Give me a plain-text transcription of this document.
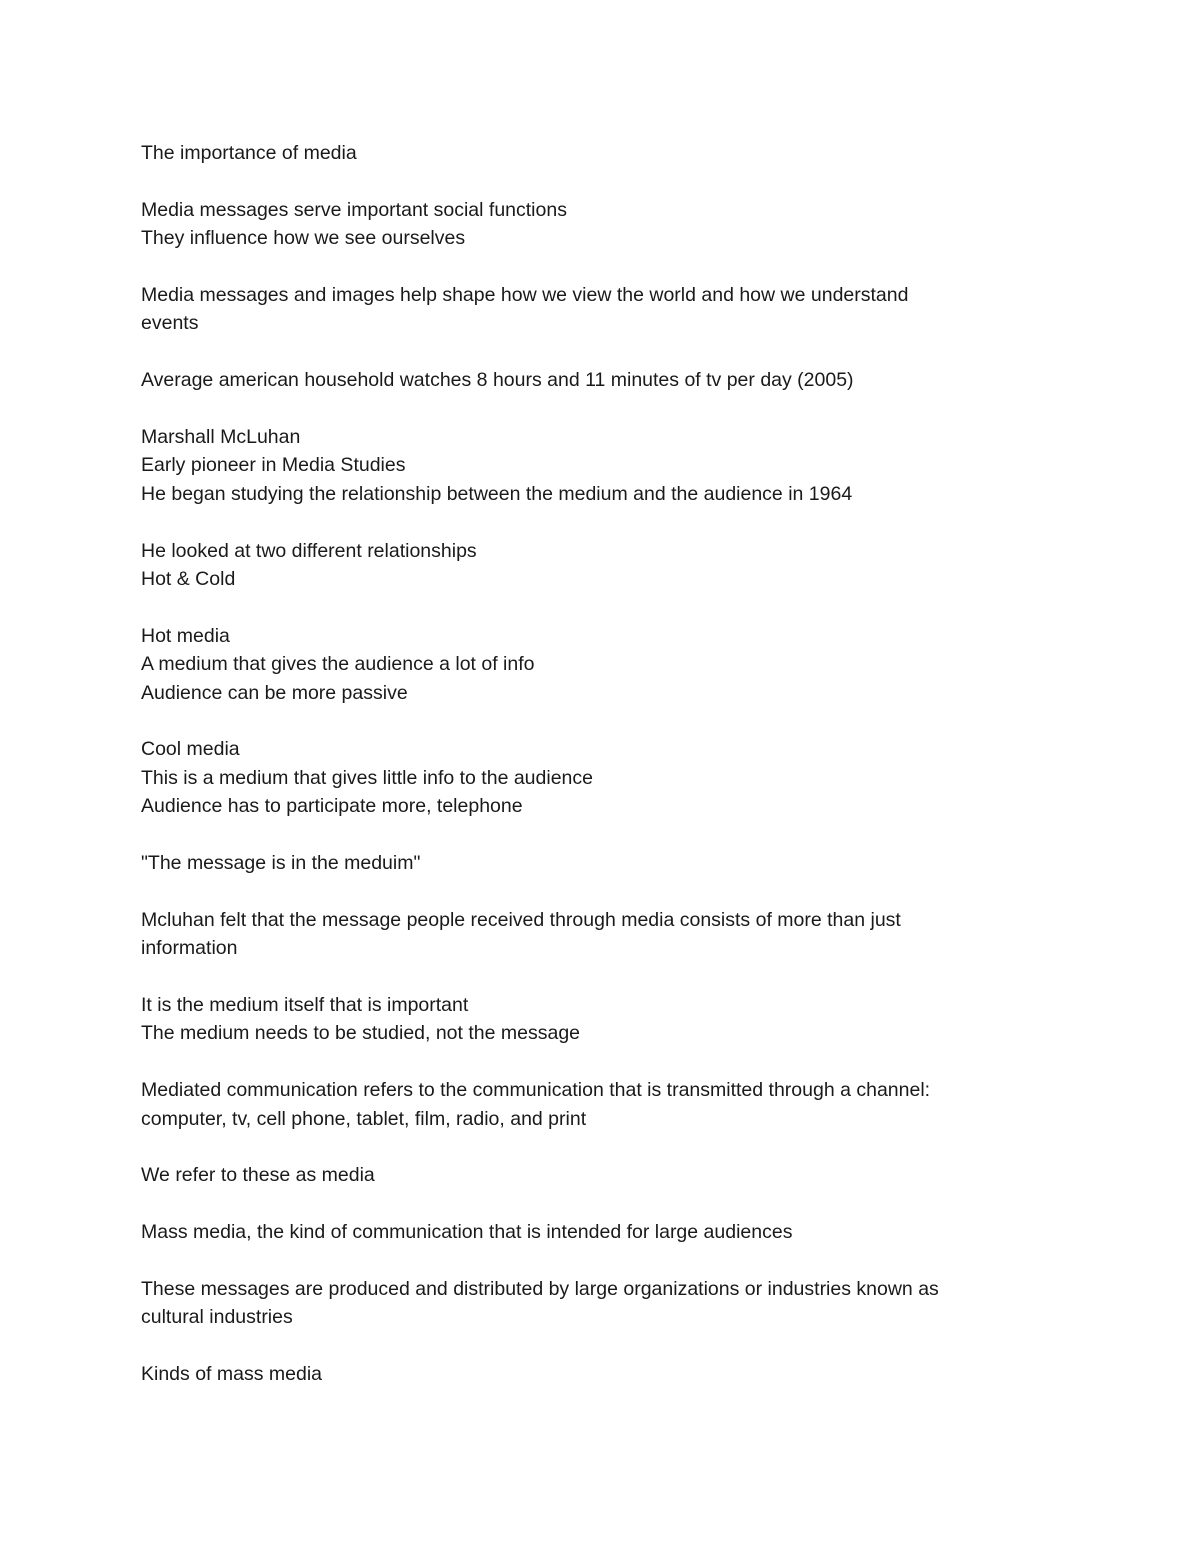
The importance of media

Media messages serve important social functions

They influence how we see ourselves

Media messages and images help shape how we view the world and how we understand
events

Average american household watches 8 hours and 11 minutes of tv per day (2005)

Marshall McLuhan

Early pioneer in Media Studies

He began studying the relationship between the medium and the audience in 1964

He looked at two different relationships

Hot & Cold

Hot media

A medium that gives the audience a lot of info

Audience can be more passive

Cool media

This is a medium that gives little info to the audience

Audience has to participate more, telephone

"The message is in the meduim"

Mcluhan felt that the message people received through media consists of more than just
information

It is the medium itself that is important

The medium needs to be studied, not the message

Mediated communication refers to the communication that is transmitted through a channel:
computer, tv, cell phone, tablet, film, radio, and print

We refer to these as media

Mass media, the kind of communication that is intended for large audiences

These messages are produced and distributed by large organizations or industries known as
cultural industries

Kinds of mass media
